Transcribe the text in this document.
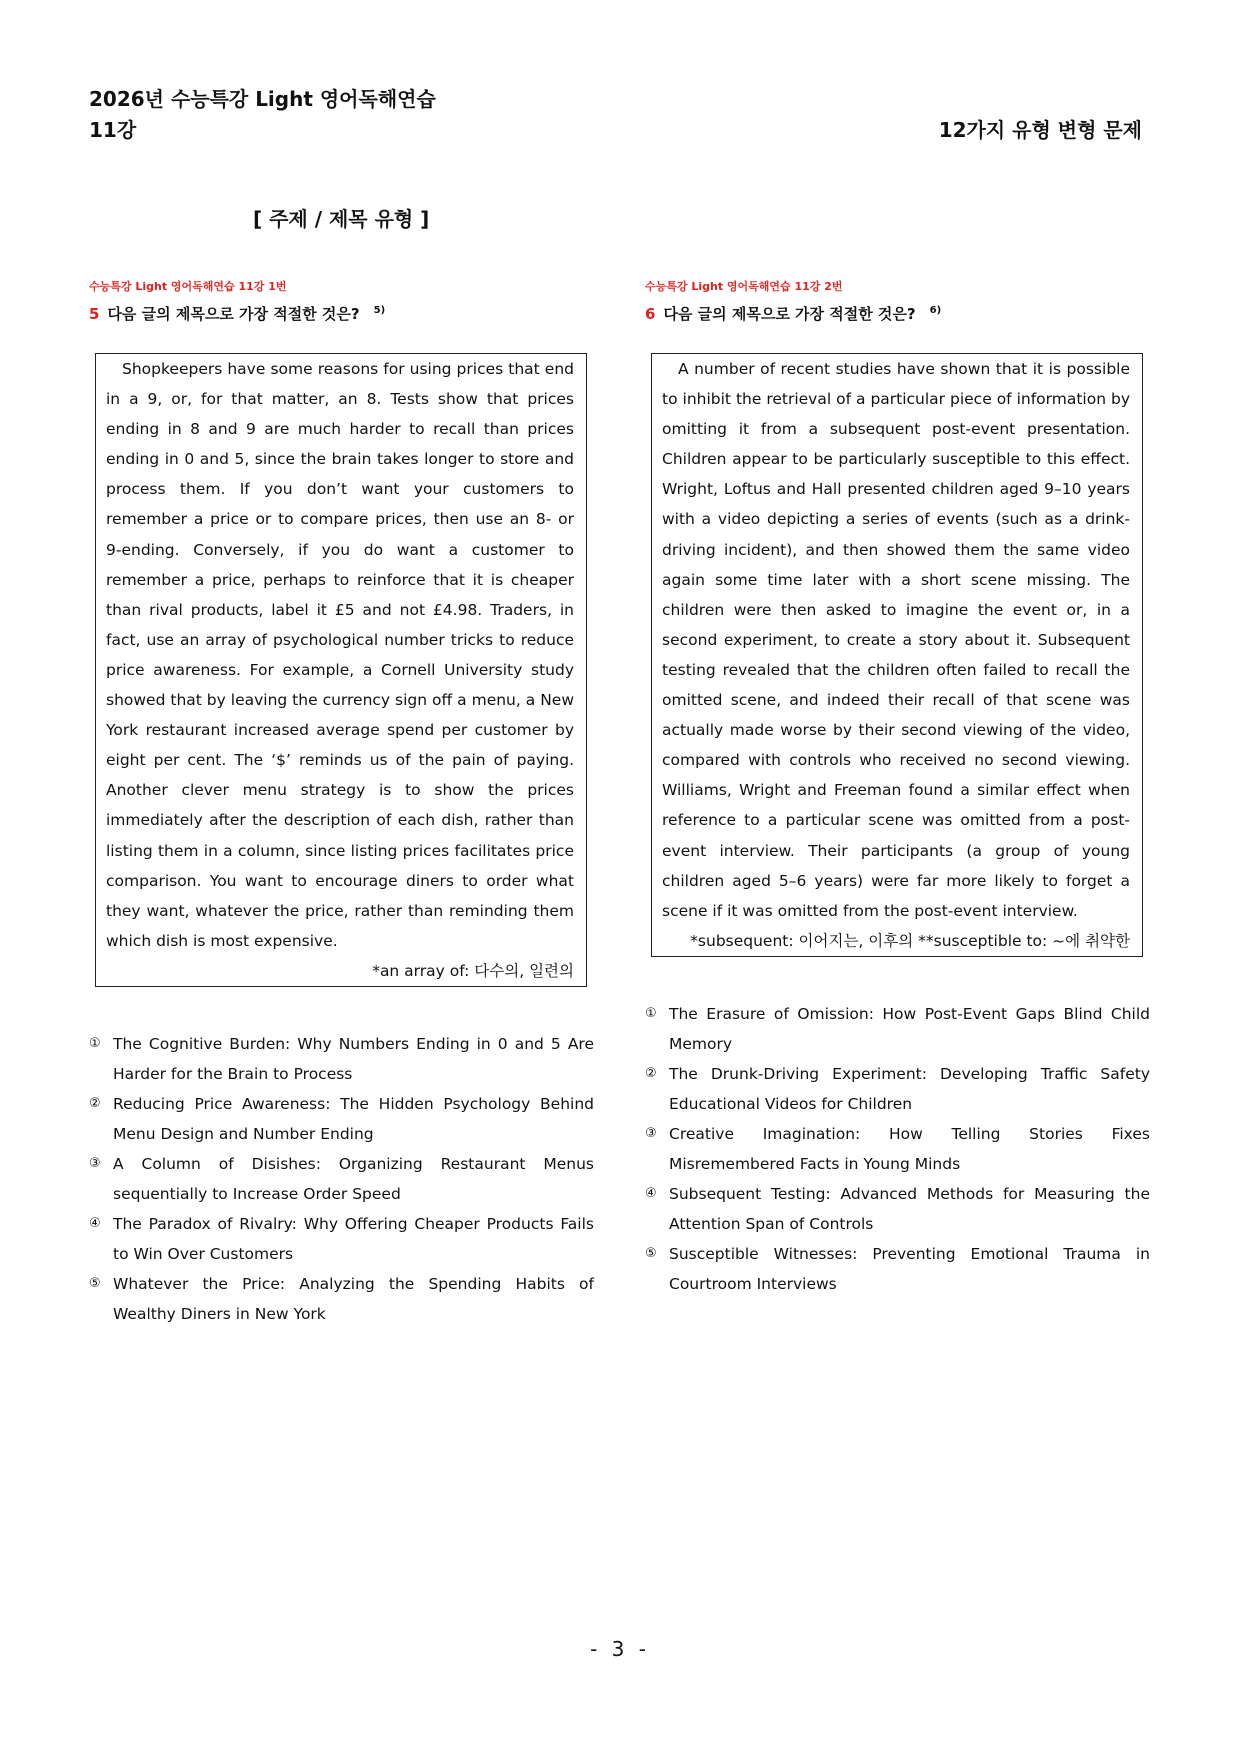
2026년 수능특강 Light 영어독해연습
11강	12가지 유형 변형 문제
[ 주제 / 제목 유형 ]
수능특강 Light 영어독해연습 11강 1번
5 다음 글의 제목으로 가장 적절한 것은? $^{5)}$

Shopkeepers have some reasons for using prices that end in a 9, or, for that matter, an 8. Tests show that prices ending in 8 and 9 are much harder to recall than prices ending in 0 and 5, since the brain takes longer to store and process them. If you don’t want your customers to remember a price or to compare prices, then use an 8- or 9-ending. Conversely, if you do want a customer to remember a price, perhaps to reinforce that it is cheaper than rival products, label it £5 and not £4.98. Traders, in fact, use an array of psychological number tricks to reduce price awareness. For example, a Cornell University study showed that by leaving the currency sign off a menu, a New York restaurant increased average spend per customer by eight per cent. The ‘$’ reminds us of the pain of paying. Another clever menu strategy is to show the prices immediately after the description of each dish, rather than listing them in a column, since listing prices facilitates price comparison. You want to encourage diners to order what they want, whatever the price, rather than reminding them which dish is most expensive.

*an array of: 다수의, 일련의

① The Cognitive Burden: Why Numbers Ending in 0 and 5 Are Harder for the Brain to Process
② Reducing Price Awareness: The Hidden Psychology Behind Menu Design and Number Ending
③ A Column of Disishes: Organizing Restaurant Menus sequentially to Increase Order Speed
④ The Paradox of Rivalry: Why Offering Cheaper Products Fails to Win Over Customers
⑤ Whatever the Price: Analyzing the Spending Habits of Wealthy Diners in New York
수능특강 Light 영어독해연습 11강 2번
6 다음 글의 제목으로 가장 적절한 것은? $^{6)}$

A number of recent studies have shown that it is possible to inhibit the retrieval of a particular piece of information by omitting it from a subsequent post-event presentation. Children appear to be particularly susceptible to this effect. Wright, Loftus and Hall presented children aged 9–10 years with a video depicting a series of events (such as a drink-driving incident), and then showed them the same video again some time later with a short scene missing. The children were then asked to imagine the event or, in a second experiment, to create a story about it. Subsequent testing revealed that the children often failed to recall the omitted scene, and indeed their recall of that scene was actually made worse by their second viewing of the video, compared with controls who received no second viewing. Williams, Wright and Freeman found a similar effect when reference to a particular scene was omitted from a post-event interview. Their participants (a group of young children aged 5–6 years) were far more likely to forget a scene if it was omitted from the post-event interview.

*subsequent: 이어지는, 이후의 **susceptible to: ~에 취약한

① The Erasure of Omission: How Post-Event Gaps Blind Child Memory
② The Drunk-Driving Experiment: Developing Traffic Safety Educational Videos for Children
③ Creative Imagination: How Telling Stories Fixes Misremembered Facts in Young Minds
④ Subsequent Testing: Advanced Methods for Measuring the Attention Span of Controls
⑤ Susceptible Witnesses: Preventing Emotional Trauma in Courtroom Interviews
- 3 -
